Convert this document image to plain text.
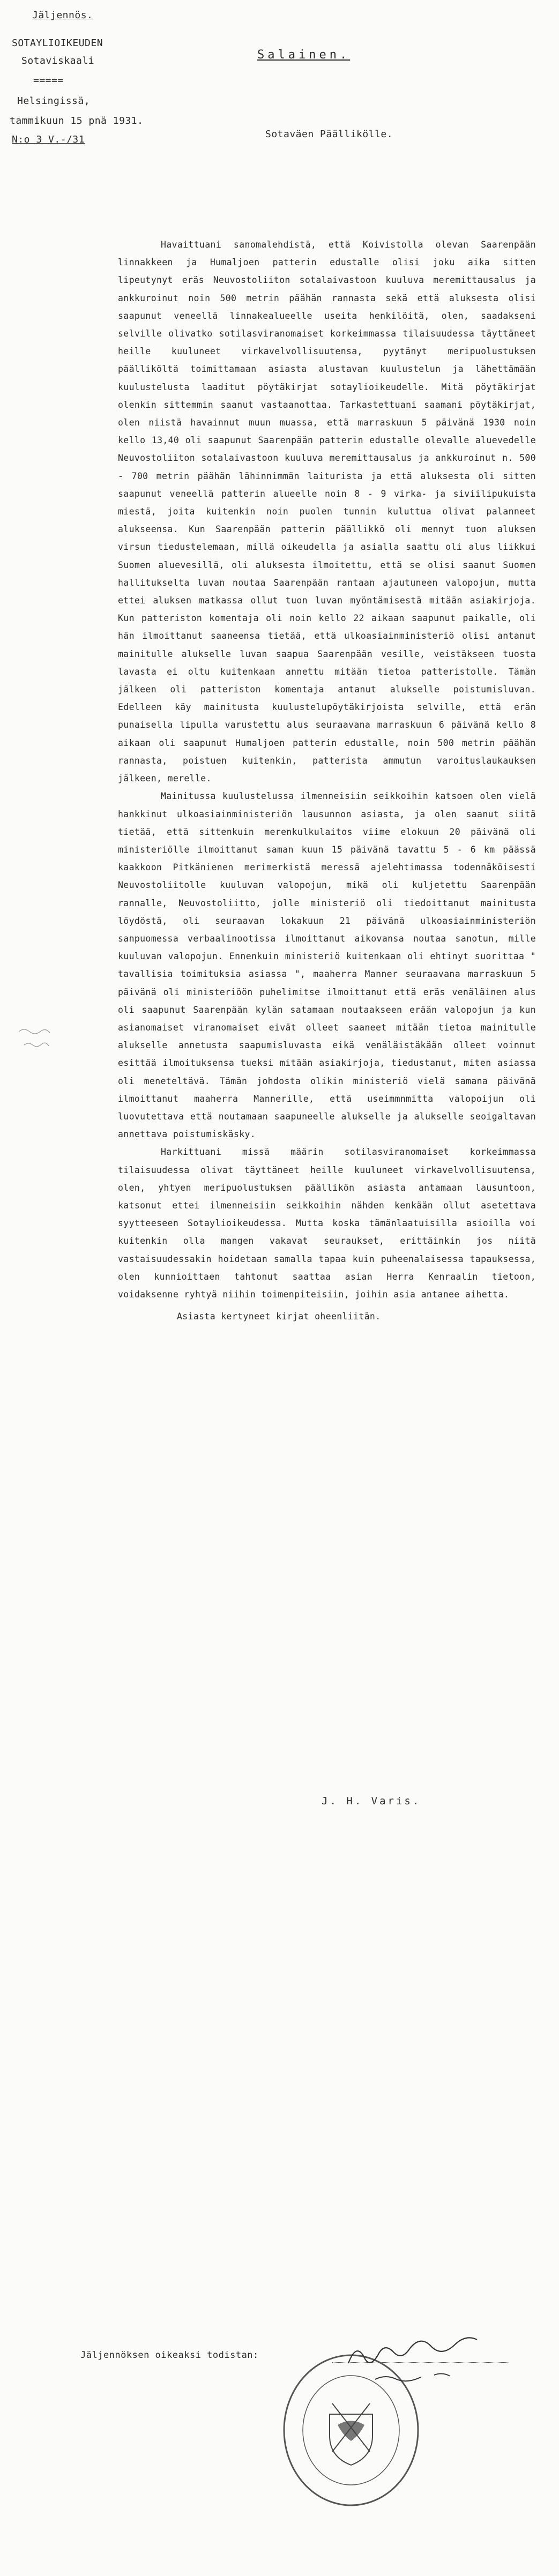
Jäljennös.
SOTAYLIOIKEUDEN
Sotaviskaali
=====
Helsingissä,
tammikuun 15 pnä 1931.
N:o 3 V.-/31
Salainen.
Sotaväen Päällikölle.

Havaittuani sanomalehdistä, että Koivistolla olevan Saarenpään linnakkeen ja Humaljoen patterin edustalle olisi joku aika sitten lipeutynyt eräs Neuvostoliiton sotalaivastoon kuuluva meremittausalus ja ankkuroinut noin 500 metrin päähän rannasta sekä että aluksesta olisi saapunut veneellä linnakealueelle useita henkilöitä, olen, saadakseni selville olivatko sotilasviranomaiset korkeimmassa tilaisuudessa täyttäneet heille kuuluneet virkavelvollisuutensa, pyytänyt meripuolustuksen päälliköltä toimittamaan asiasta alustavan kuulustelun ja lähettämään kuulustelusta laaditut pöytäkirjat sotaylioikeudelle. Mitä pöytäkirjat olenkin sittemmin saanut vastaanottaa. Tarkastettuani saamani pöytäkirjat, olen niistä havainnut muun muassa, että marraskuun 5 päivänä 1930 noin kello 13,40 oli saapunut Saarenpään patterin edustalle olevalle aluevedelle Neuvostoliiton sotalaivastoon kuuluva meremittausalus ja ankkuroinut n. 500 - 700 metrin päähän lähinnimmän laiturista ja että aluksesta oli sitten saapunut veneellä patterin alueelle noin 8 - 9 virka- ja siviilipukuista miestä, joita kuitenkin noin puolen tunnin kuluttua olivat palanneet alukseensa. Kun Saarenpään patterin päällikkö oli mennyt tuon aluksen virsun tiedustelemaan, millä oikeudella ja asialla saattu oli alus liikkui Suomen aluevesillä, oli aluksesta ilmoitettu, että se olisi saanut Suomen hallitukselta luvan noutaa Saarenpään rantaan ajautuneen valopojun, mutta ettei aluksen matkassa ollut tuon luvan myöntämisestä mitään asiakirjoja. Kun patteriston komentaja oli noin kello 22 aikaan saapunut paikalle, oli hän ilmoittanut saaneensa tietää, että ulkoasiainministeriö olisi antanut mainitulle alukselle luvan saapua Saarenpään vesille, veistäkseen tuosta lavasta ei oltu kuitenkaan annettu mitään tietoa patteristolle. Tämän jälkeen oli patteriston komentaja antanut alukselle poistumisluvan. Edelleen käy mainitusta kuulustelupöytäkirjoista selville, että erän punaisella lipulla varustettu alus seuraavana marraskuun 6 päivänä kello 8 aikaan oli saapunut Humaljoen patterin edustalle, noin 500 metrin päähän rannasta, poistuen kuitenkin, patterista ammutun varoituslaukauksen jälkeen, merelle.

Mainitussa kuulustelussa ilmenneisiin seikkoihin katsoen olen vielä hankkinut ulkoasiainministeriön lausunnon asiasta, ja olen saanut siitä tietää, että sittenkuin merenkulkulaitos viime elokuun 20 päivänä oli ministeriölle ilmoittanut saman kuun 15 päivänä tavattu 5 - 6 km päässä kaakkoon Pitkänienen merimerkistä meressä ajelehtimassa todennäköisesti Neuvostoliitolle kuuluvan valopojun, mikä oli kuljetettu Saarenpään rannalle, Neuvostoliitto, jolle ministeriö oli tiedoittanut mainitusta löydöstä, oli seuraavan lokakuun 21 päivänä ulkoasiainministeriön sanpuomessa verbaalinootissa ilmoittanut aikovansa noutaa sanotun, mille kuuluvan valopojun. Ennenkuin ministeriö kuitenkaan oli ehtinyt suorittaa " tavallisia toimituksia asiassa ", maaherra Manner seuraavana marraskuun 5 päivänä oli ministeriöön puhelimitse ilmoittanut että eräs venäläinen alus oli saapunut Saarenpään kylän satamaan noutaakseen erään valopojun ja kun asianomaiset viranomaiset eivät olleet saaneet mitään tietoa mainitulle alukselle annetusta saapumisluvasta eikä venäläistäkään olleet voinnut esittää ilmoituksensa tueksi mitään asiakirjoja, tiedustanut, miten asiassa oli meneteltävä. Tämän johdosta olikin ministeriö vielä samana päivänä ilmoittanut maaherra Mannerille, että useimmnmitta valopoijun oli luovutettava että noutamaan saapuneelle alukselle ja alukselle seoigaltavan annettava poistumiskäsky.

Harkittuani missä määrin sotilasviranomaiset korkeimmassa tilaisuudessa olivat täyttäneet heille kuuluneet virkavelvollisuutensa, olen, yhtyen meripuolustuksen päällikön asiasta antamaan lausuntoon, katsonut ettei ilmenneisiin seikkoihin nähden kenkään ollut asetettava syytteeseen Sotaylioikeudessa. Mutta koska tämänlaatuisilla asioilla voi kuitenkin olla mangen vakavat seuraukset, erittäinkin jos niitä vastaisuudessakin hoidetaan samalla tapaa kuin puheenalaisessa tapauksessa, olen kunnioittaen tahtonut saattaa asian Herra Kenraalin tietoon, voidaksenne ryhtyä niihin toimenpiteisiin, joihin asia antanee aihetta.

Asiasta kertyneet kirjat oheenliitän.

J. H. Varis.
Jäljennöksen oikeaksi todistan:
